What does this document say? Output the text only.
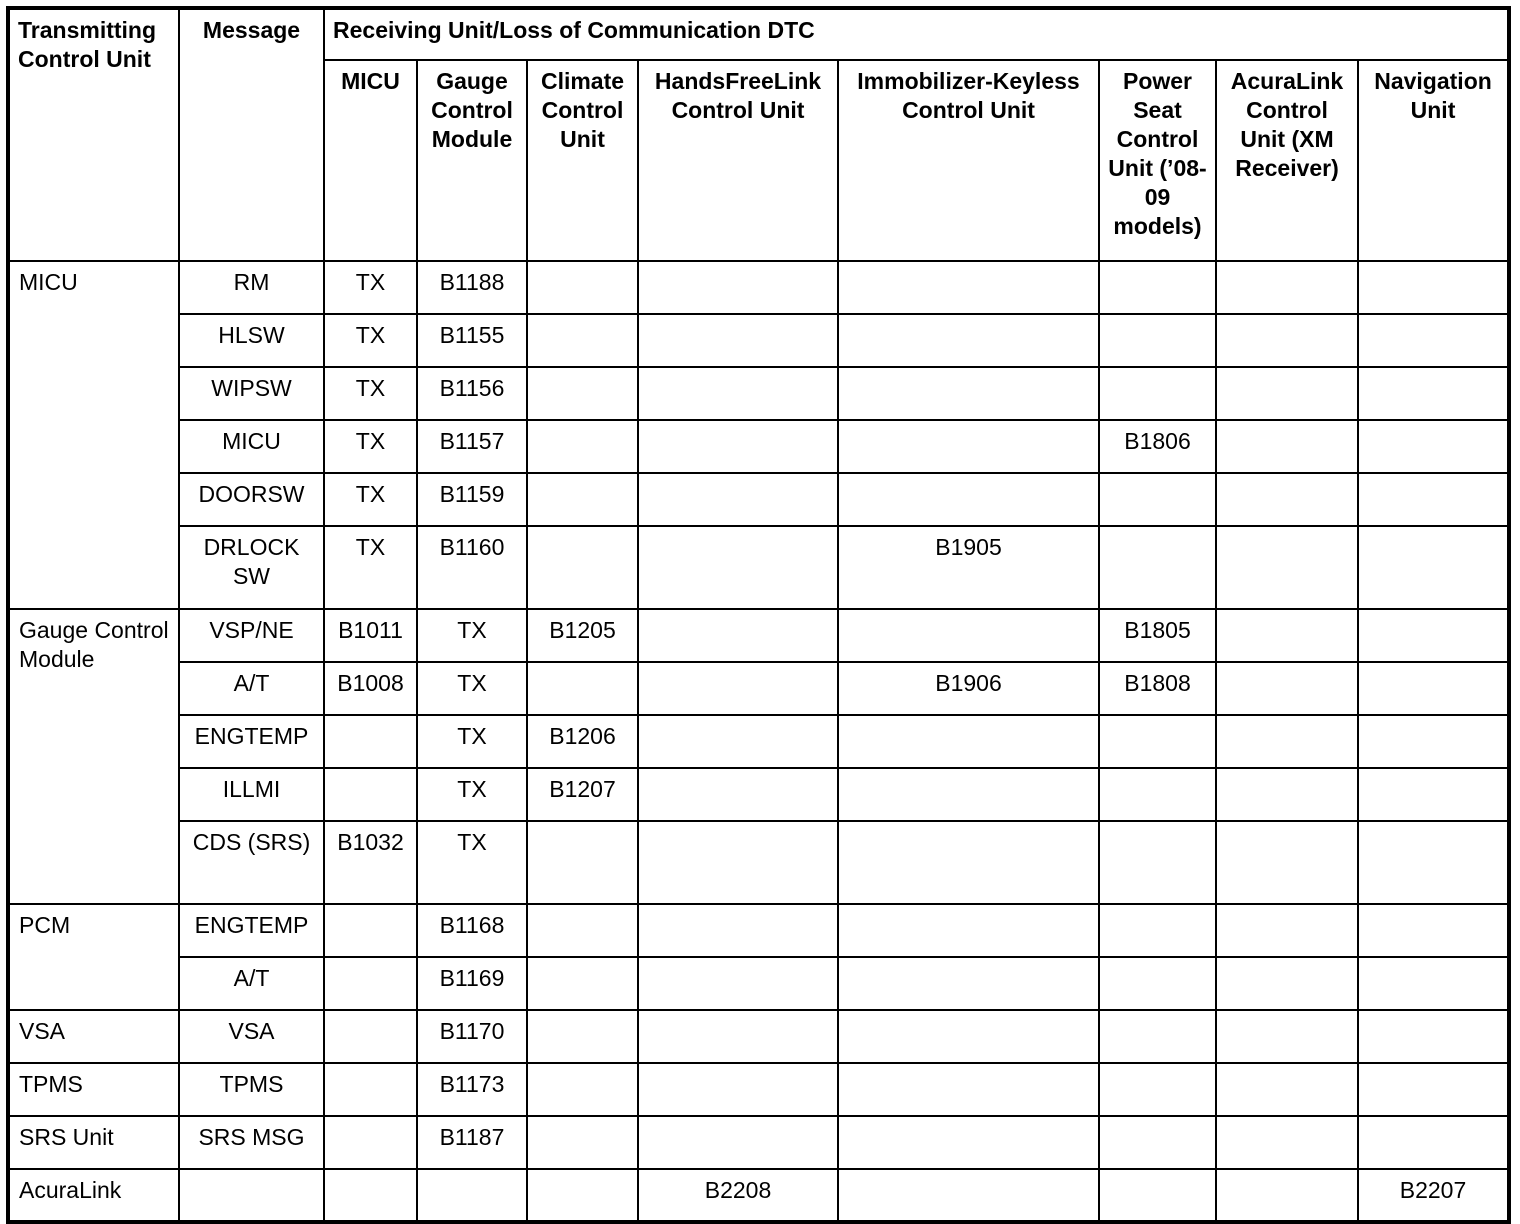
Transmitting Control Unit	Message	Receiving Unit/Loss of Communication DTC							
		MICU	Gauge Control Module	Climate Control Unit	HandsFreeLink Control Unit	Immobilizer-Keyless Control Unit	Power Seat Control Unit (’08-09 models)	AcuraLink Control Unit (XM Receiver)	Navigation Unit
MICU	RM	TX	B1188						
	HLSW	TX	B1155						
	WIPSW	TX	B1156						
	MICU	TX	B1157				B1806		
	DOORSW	TX	B1159						
	DRLOCK SW	TX	B1160			B1905			
Gauge Control Module	VSP/NE	B1011	TX	B1205			B1805		
	A/T	B1008	TX			B1906	B1808		
	ENGTEMP		TX	B1206					
	ILLMI		TX	B1207					
	CDS (SRS)	B1032	TX						
PCM	ENGTEMP		B1168						
	A/T		B1169						
VSA	VSA		B1170						
TPMS	TPMS		B1173						
SRS Unit	SRS MSG		B1187						
AcuraLink					B2208				B2207
